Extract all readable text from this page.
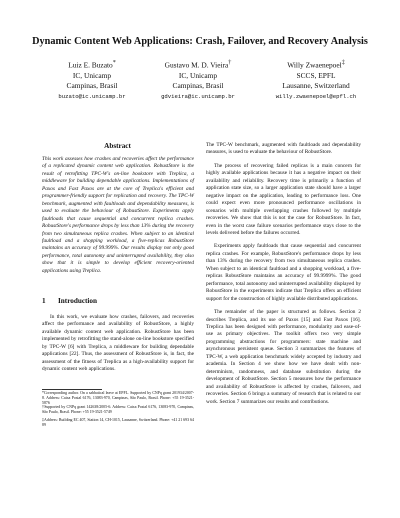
Dynamic Content Web Applications: Crash, Failover, and Recovery Analysis
Luiz E. Buzato*
IC, Unicamp
Campinas, Brasil
buzato@ic.unicamp.br
Gustavo M. D. Vieira†
IC, Unicamp
Campinas, Brasil
gdvieira@ic.unicamp.br
Willy Zwaenepoel‡
SCCS, EPFL
Lausanne, Switzerland
willy.zwaenepoel@epfl.ch
Abstract
This work assesses how crashes and recoveries affect the performance of a replicated dynamic content web application. RobustStore is the result of retrofitting TPC-W's on-line bookstore with Treplica, a middleware for building dependable applications. Implementations of Paxos and Fast Paxos are at the core of Treplica's efficient and programmer-friendly support for replication and recovery. The TPC-W benchmark, augmented with faultloads and dependability measures, is used to evaluate the behaviour of RobustStore. Experiments apply faultloads that cause sequential and concurrent replica crashes. RobustStore's performance drops by less than 13% during the recovery from two simultaneous replica crashes. When subject to an identical faultload and a shopping workload, a five-replicas RobustStore maintains an accuracy of 99.999%. Our results display not only good performance, total autonomy and uninterrupted availability, they also show that it is simple to develop efficient recovery-oriented applications using Treplica.
1 Introduction

In this work, we evaluate how crashes, failovers, and recoveries affect the performance and availability of RobustStore, a highly available dynamic content web application. RobustStore has been implemented by retrofitting the stand-alone on-line bookstore specified by TPC-W [6] with Treplica, a middleware for building dependable applications [22]. Thus, the assessment of RobustStore is, in fact, the assessment of the fitness of Treplica as a high-availability support for dynamic content web applications.

*Corresponding author. On a sabbatical leave at EPFL. Supported by CNPq grant 201934/2007-8. Address: Caixa Postal 6176, 13083-970, Campinas, São Paulo, Brasil. Phone: +55 19-3521-5876
†Supported by CNPq grant 142638/2005-6. Address: Caixa Postal 6176, 13083-970, Campinas, São Paulo, Brasil. Phone: +55 19-3521-5749
‡Address: Building EC 407, Station 14, CH-1015, Lausanne, Switzerland. Phone: +41 21 693 64 89

The TPC-W benchmark, augmented with faultloads and dependability measures, is used to evaluate the behaviour of RobustStore.

The process of recovering failed replicas is a main concern for highly available applications because it has a negative impact on their availability and reliability. Recovery time is primarily a function of application state size, so a larger application state should have a larger negative impact on the application, leading to performance loss. One could expect even more pronounced performance oscillations in scenarios with multiple overlapping crashes followed by multiple recoveries. We show that this is not the case for RobustStore. In fact, even in the worst case failure scenarios performance stays close to the levels delivered before the failures occurred.

Experiments apply faultloads that cause sequential and concurrent replica crashes. For example, RobustStore's performance drops by less than 13% during the recovery from two simultaneous replica crashes. When subject to an identical faultload and a shopping workload, a five-replicas RobustStore maintains an accuracy of 99.9999%. The good performance, total autonomy and uninterrupted availability displayed by RobustStore in the experiments indicate that Treplica offers an efficient support for the construction of highly available distributed applications.

The remainder of the paper is structured as follows. Section 2 describes Treplica, and its use of Paxos [15] and Fast Paxos [16]. Treplica has been designed with performance, modularity and ease-of-use as primary objectives. The toolkit offers two very simple programming abstractions for programmers: state machine and asynchronous persistent queue. Section 3 summarizes the features of TPC-W, a web application benchmark widely accepted by industry and academia. In Section 4 we show how we have dealt with non-determinism, randomness, and database substitution during the development of RobustStore. Section 5 measures how the performance and availability of RobustStore is affected by crashes, failovers, and recoveries. Section 6 brings a summary of research that is related to our work. Section 7 summarizes our results and contributions.
